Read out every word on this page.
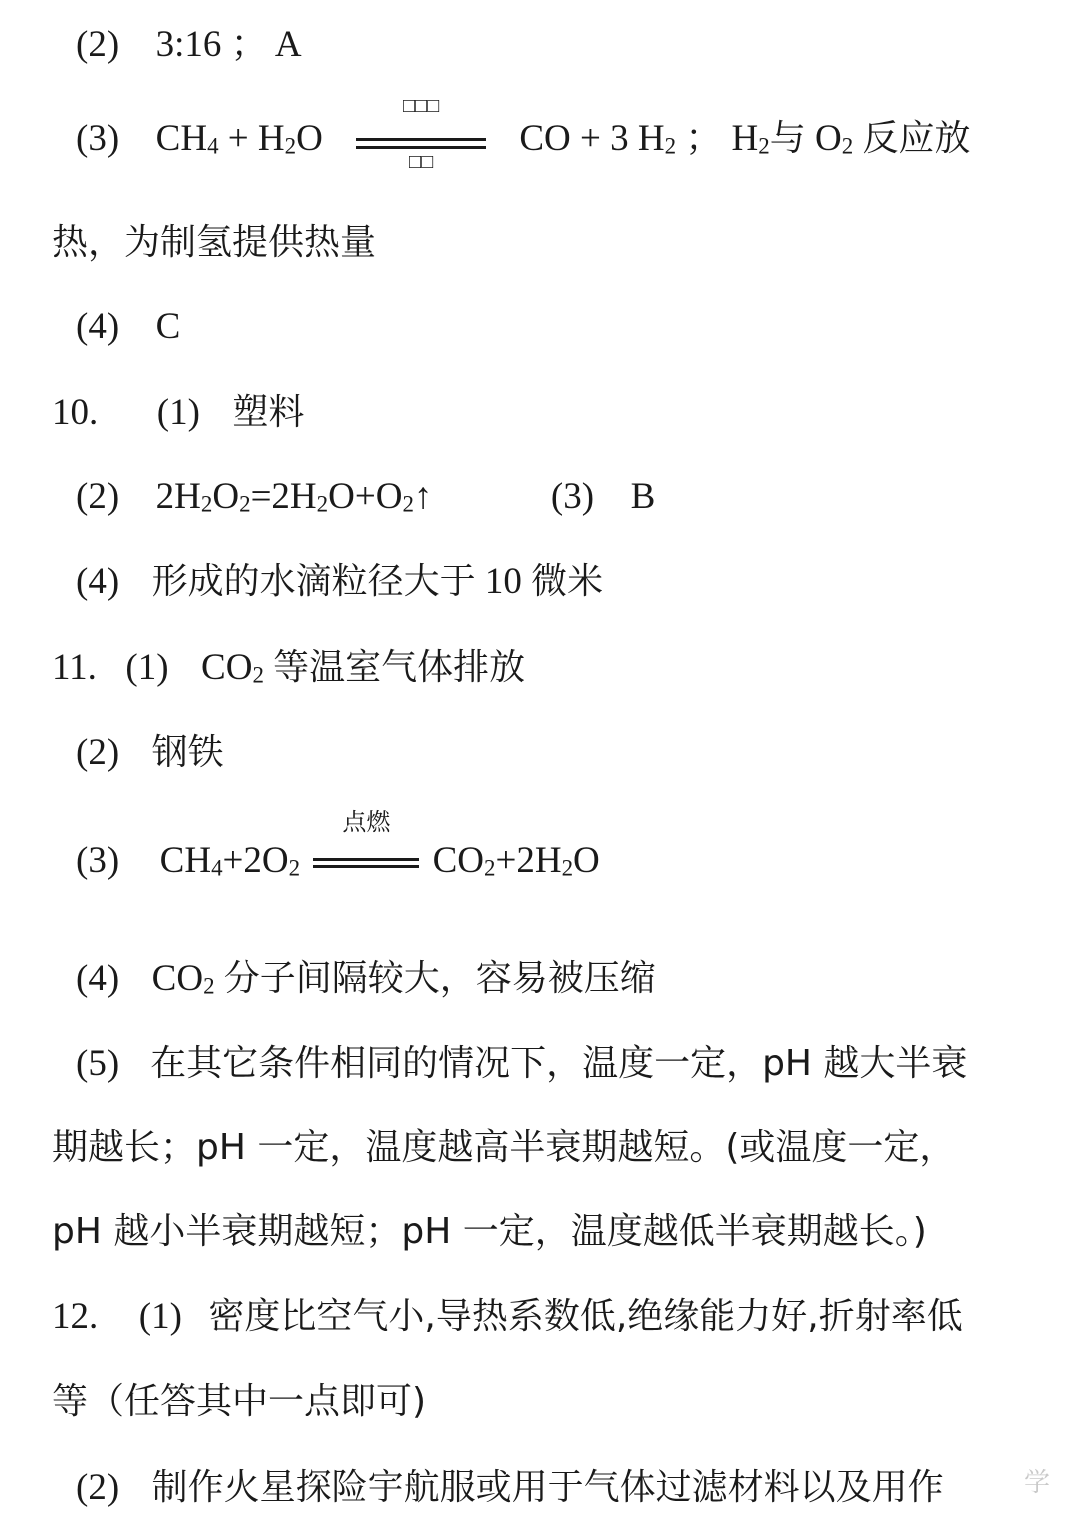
(2) 3:16 ； A
(3) CH4 + H2O
□□□
□□
CO + 3 H2 ； H2与 O2 反应放
热，为制氢提供热量
(4) C
10. (1) 塑料
(2) 2H2O2=2H2O+O2↑	(3) B
(4) 形成的水滴粒径大于 10 微米
11. (1) CO2 等温室气体排放
(2) 钢铁
(3) CH4+2O2
点燃
CO2+2H2O
(4) CO2 分子间隔较大，容易被压缩
(5) 在其它条件相同的情况下，温度一定，pH 越大半衰
期越长；pH 一定，温度越高半衰期越短。(或温度一定，
pH 越小半衰期越短；pH 一定，温度越低半衰期越长。)
12. (1) 密度比空气小,导热系数低,绝缘能力好,折射率低
等（任答其中一点即可)
(2) 制作火星探险宇航服或用于气体过滤材料以及用作	学
